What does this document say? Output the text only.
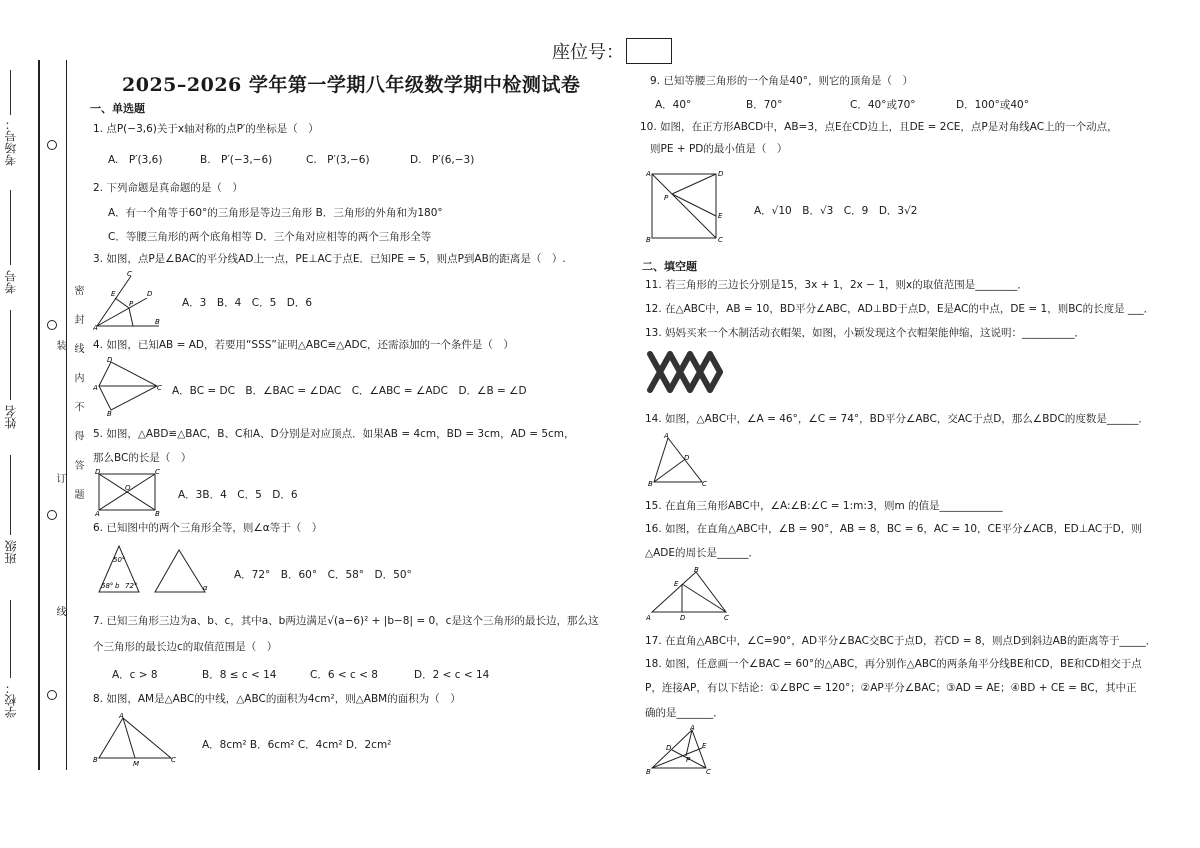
座位号：
2025–2026 学年第一学期八年级数学期中检测试卷
密 封 线 内 不 得 答 题
装 订 线
学校：
班级
姓名
考号
考场号：
一、单选题
1. 点P(−3,6)关于x轴对称的点P′的坐标是（　）
A.　P′(3,6)	B.　P′(−3,−6)	C.　P′(3,−6)	D.　P′(6,−3)
2. 下列命题是真命题的是（　）
A．有一个角等于60°的三角形是等边三角形 B．三角形的外角和为180°
C．等腰三角形的两个底角相等 D．三个角对应相等的两个三角形全等
3. 如图，点P是∠BAC的平分线AD上一点，PE⊥AC于点E．已知PE = 5，则点P到AB的距离是（　）.
C
A
B
D
P
E
A．3　B．4　C．5　D．6
4. 如图，已知AB = AD，若要用“SSS”证明△ABC≌△ADC，还需添加的一个条件是（　）
D
A	C
B
A．BC = DC　B．∠BAC = ∠DAC　C．∠ABC = ∠ADC　D．∠B = ∠D
5. 如图，△ABD≌△BAC，B、C和A、D分别是对应顶点．如果AB = 4cm，BD = 3cm，AD = 5cm，
那么BC的长是（　）
D	C
O
A	B
A．3B．4　C．5　D．6
6. 已知图中的两个三角形全等，则∠α等于（　）
50°
58° 72°
b	α
A．72°　B．60°　C．58°　D．50°
7. 已知三角形三边为a、b、c，其中a、b两边满足√(a−6)² + |b−8| = 0，c是这个三角形的最长边，那么这
个三角形的最长边c的取值范围是（　）
A．c > 8	B．8 ≤ c < 14	C．6 < c < 8	D．2 < c < 14
8. 如图，AM是△ABC的中线，△ABC的面积为4cm²，则△ABM的面积为（　）
A
B	M	C
A．8cm² B．6cm² C．4cm² D．2cm²
9. 已知等腰三角形的一个角是40°，则它的顶角是（　）
A．40°	B．70°	C．40°或70°	D．100°或40°
10. 如图，在正方形ABCD中，AB=3，点E在CD边上，且DE = 2CE，点P是对角线AC上的一个动点，
则PE + PD的最小值是（　）
A	D
P
E
B	C
A．√10　B．√3　C．9　D．3√2
二、填空题
11. 若三角形的三边长分别是15，3x + 1，2x − 1，则x的取值范围是________．
12. 在△ABC中，AB = 10，BD平分∠ABC，AD⊥BD于点D，E是AC的中点，DE = 1，则BC的长度是 ___．
13. 妈妈买来一个木制活动衣帽架，如图，小颖发现这个衣帽架能伸缩，这说明：__________．
14. 如图，△ABC中，∠A = 46°，∠C = 74°，BD平分∠ABC，交AC于点D，那么∠BDC的度数是______．
A
D
B	C
15. 在直角三角形ABC中，∠A:∠B:∠C = 1:m:3，则m 的值是____________
16. 如图，在直角△ABC中，∠B = 90°，AB = 8，BC = 6，AC = 10，CE平分∠ACB，ED⊥AC于D，则
△ADE的周长是______．
B
E
A	D	C
17. 在直角△ABC中，∠C=90°，AD平分∠BAC交BC于点D，若CD = 8，则点D到斜边AB的距离等于_____．
18. 如图，任意画一个∠BAC = 60°的△ABC，再分别作△ABC的两条角平分线BE和CD，BE和CD相交于点
P，连接AP，有以下结论：①∠BPC = 120°；②AP平分∠BAC；③AD = AE；④BD + CE = BC，其中正
确的是_______．
A
D	E
P
B	C
